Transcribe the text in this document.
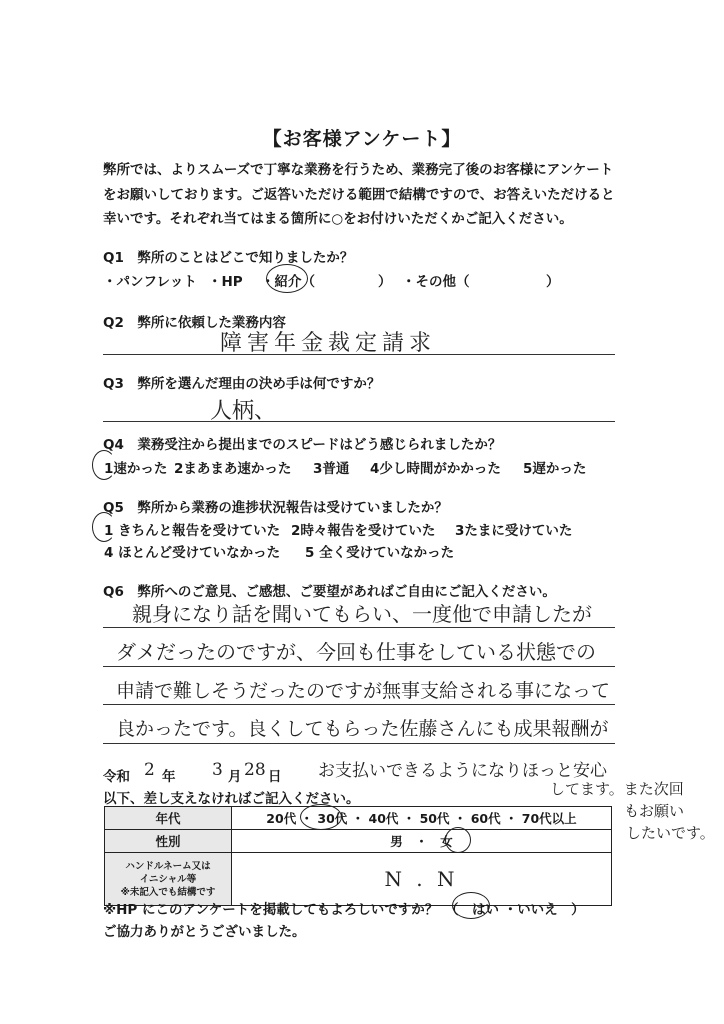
【お客様アンケート】
弊所では、よりスムーズで丁寧な業務を行うため、業務完了後のお客様にアンケート
をお願いしております。ご返答いただける範囲で結構ですので、お答えいただけると
幸いです。それぞれ当てはまる箇所に○をお付けいただくかご記入ください。
Q1　弊所のことはどこで知りましたか？
・パンフレット ・HP ・紹介（	） ・その他（	）
Q2　弊所に依頼した業務内容
障害年金裁定請求
Q3　弊所を選んだ理由の決め手は何ですか？
人柄、
Q4　業務受注から提出までのスピードはどう感じられましたか？
1速かった 2まあまあ速かった 3普通 4少し時間がかかった 5遅かった
Q5　弊所から業務の進捗状況報告は受けていましたか？
1 きちんと報告を受けていた 2時々報告を受けていた 3たまに受けていた
4 ほとんど受けていなかった 5 全く受けていなかった
Q6　弊所へのご意見、ご感想、ご要望があればご自由にご記入ください。
親身になり話を聞いてもらい、一度他で申請したが
ダメだったのですが、今回も仕事をしている状態での
申請で難しそうだったのですが無事支給される事になって
良かったです。良くしてもらった佐藤さんにも成果報酬が
令和 2 年 3 月 28 日 お支払いできるようになりほっと安心
してます。また次回
もお願い
したいです。
以下、差し支えなければご記入ください。
年代	20代 ・ 30代 ・ 40代 ・ 50代 ・ 60代 ・ 70代以上
性別	男　・　女

ハンドルネーム又は
イニシャル等
※未記入でも結構です	N . N
※HP にこのアンケートを掲載してもよろしいですか？　（　はい ・いいえ　）
ご協力ありがとうございました。
